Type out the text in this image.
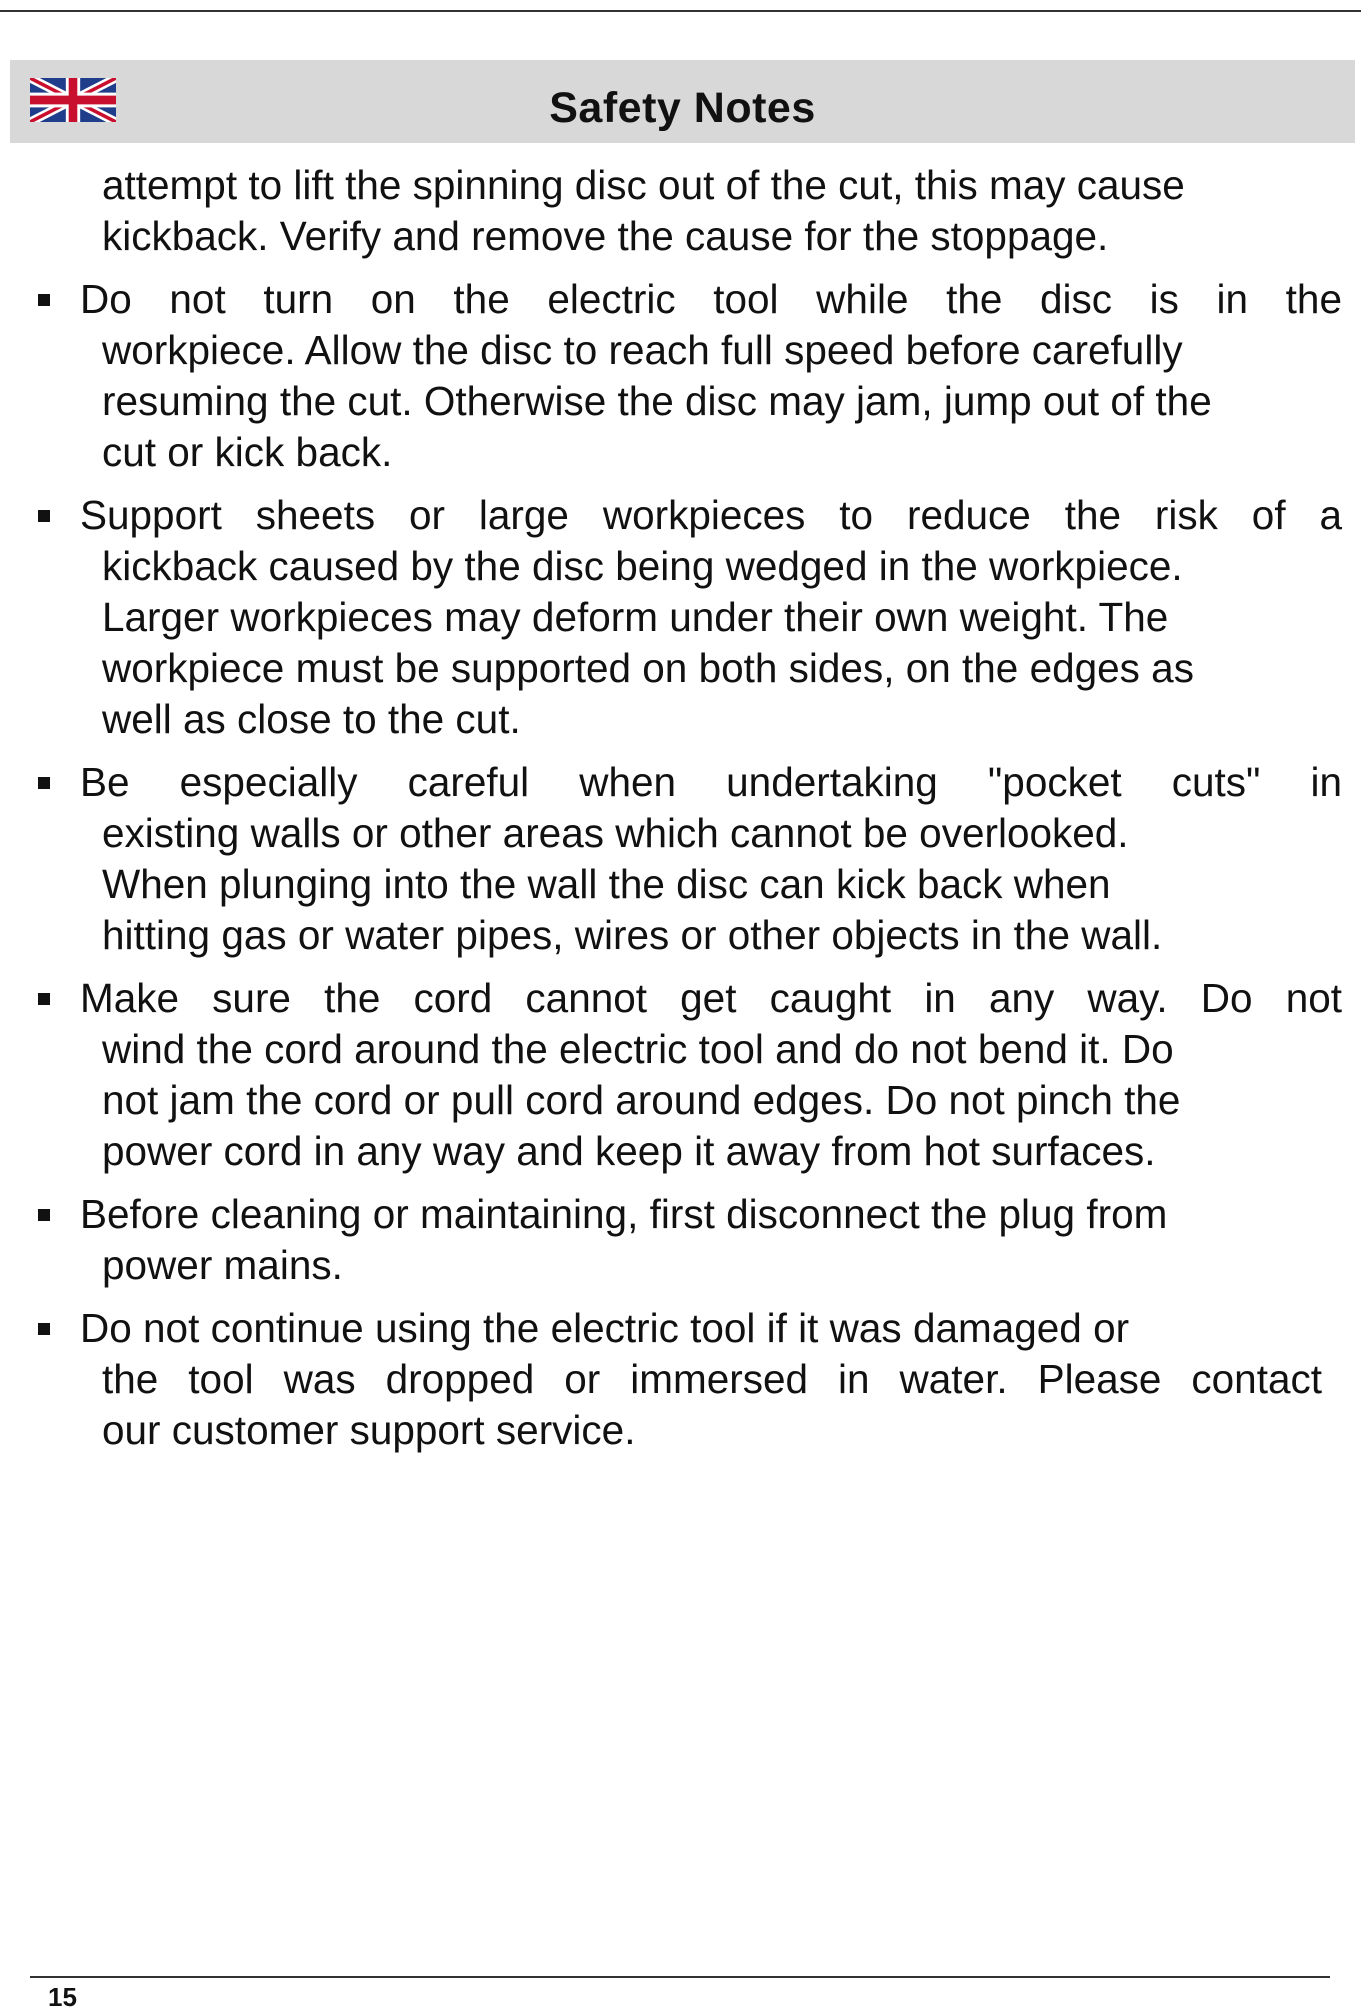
Safety Notes

attempt to lift the spinning disc out of the cut, this may cause
kickback. Verify and remove the cause for the stoppage.

Do not turn on the electric tool while the disc is in the
workpiece. Allow the disc to reach full speed before carefully
resuming the cut. Otherwise the disc may jam, jump out of the
cut or kick back.
Support sheets or large workpieces to reduce the risk of a
kickback caused by the disc being wedged in the workpiece.
Larger workpieces may deform under their own weight. The
workpiece must be supported on both sides, on the edges as
well as close to the cut.
Be especially careful when undertaking "pocket cuts" in
existing walls or other areas which cannot be overlooked.
When plunging into the wall the disc can kick back when
hitting gas or water pipes, wires or other objects in the wall.
Make sure the cord cannot get caught in any way. Do not
wind the cord around the electric tool and do not bend it. Do
not jam the cord or pull cord around edges. Do not pinch the
power cord in any way and keep it away from hot surfaces.
Before cleaning or maintaining, first disconnect the plug from
power mains.
Do not continue using the electric tool if it was damaged or
the tool was dropped or immersed in water. Please contact
our customer support service.
15
